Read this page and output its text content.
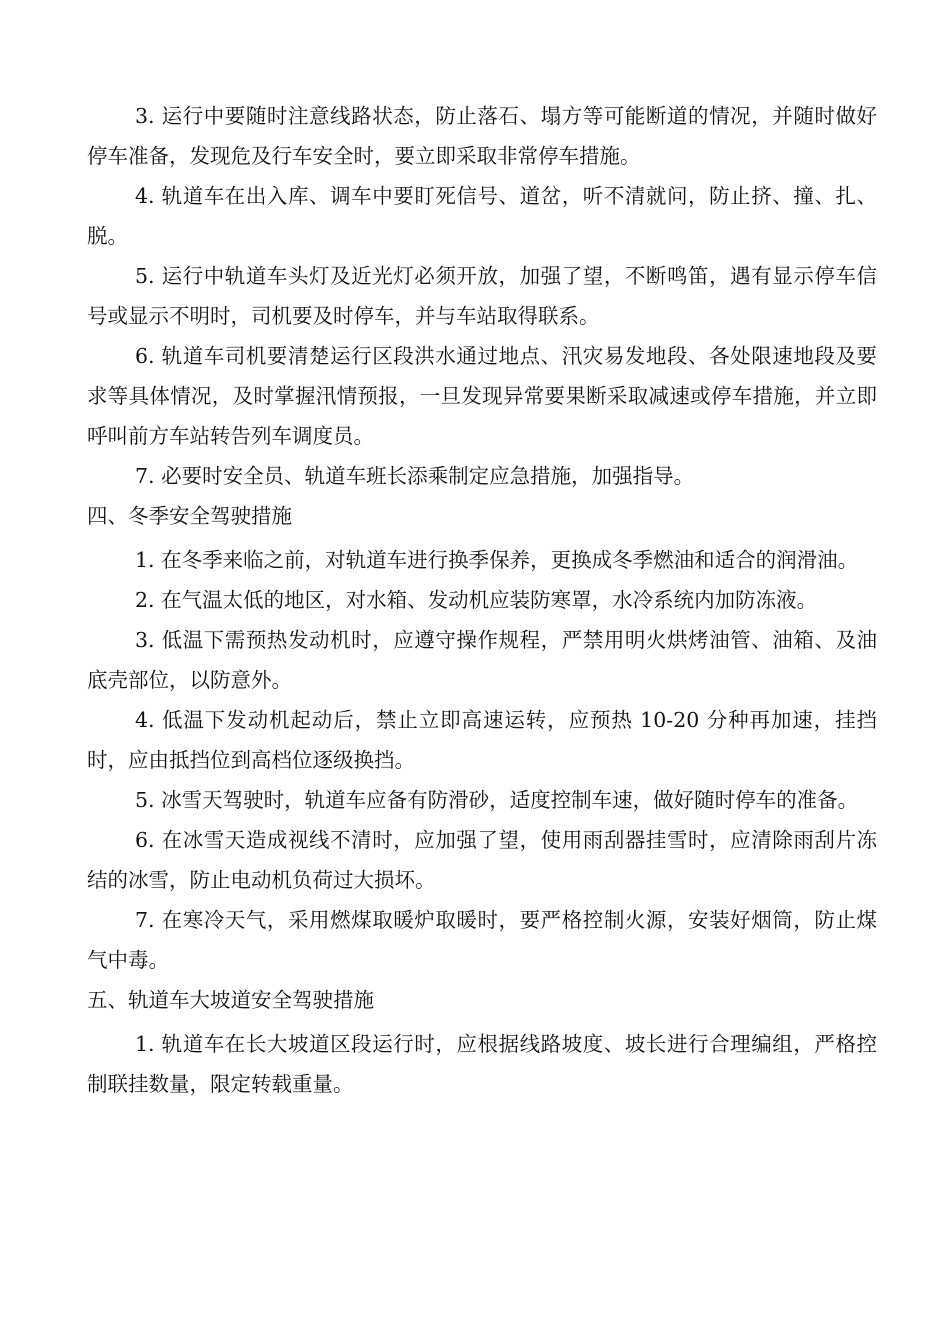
3. 运行中要随时注意线路状态，防止落石、塌方等可能断道的情况，并随时做好停车准备，发现危及行车安全时，要立即采取非常停车措施。

4. 轨道车在出入库、调车中要盯死信号、道岔，听不清就问，防止挤、撞、扎、脱。

5. 运行中轨道车头灯及近光灯必须开放，加强了望，不断鸣笛，遇有显示停车信号或显示不明时，司机要及时停车，并与车站取得联系。

6. 轨道车司机要清楚运行区段洪水通过地点、汛灾易发地段、各处限速地段及要求等具体情况，及时掌握汛情预报，一旦发现异常要果断采取减速或停车措施，并立即呼叫前方车站转告列车调度员。

7. 必要时安全员、轨道车班长添乘制定应急措施，加强指导。

四、冬季安全驾驶措施

1. 在冬季来临之前，对轨道车进行换季保养，更换成冬季燃油和适合的润滑油。

2. 在气温太低的地区，对水箱、发动机应装防寒罩，水冷系统内加防冻液。

3. 低温下需预热发动机时，应遵守操作规程，严禁用明火烘烤油管、油箱、及油底壳部位，以防意外。

4. 低温下发动机起动后，禁止立即高速运转，应预热 10-20 分种再加速，挂挡时，应由抵挡位到高档位逐级换挡。

5. 冰雪天驾驶时，轨道车应备有防滑砂，适度控制车速，做好随时停车的准备。

6. 在冰雪天造成视线不清时，应加强了望，使用雨刮器挂雪时，应清除雨刮片冻结的冰雪，防止电动机负荷过大损坏。

7. 在寒冷天气，采用燃煤取暖炉取暖时，要严格控制火源，安装好烟筒，防止煤气中毒。

五、轨道车大坡道安全驾驶措施

1. 轨道车在长大坡道区段运行时，应根据线路坡度、坡长进行合理编组，严格控制联挂数量，限定转载重量。
